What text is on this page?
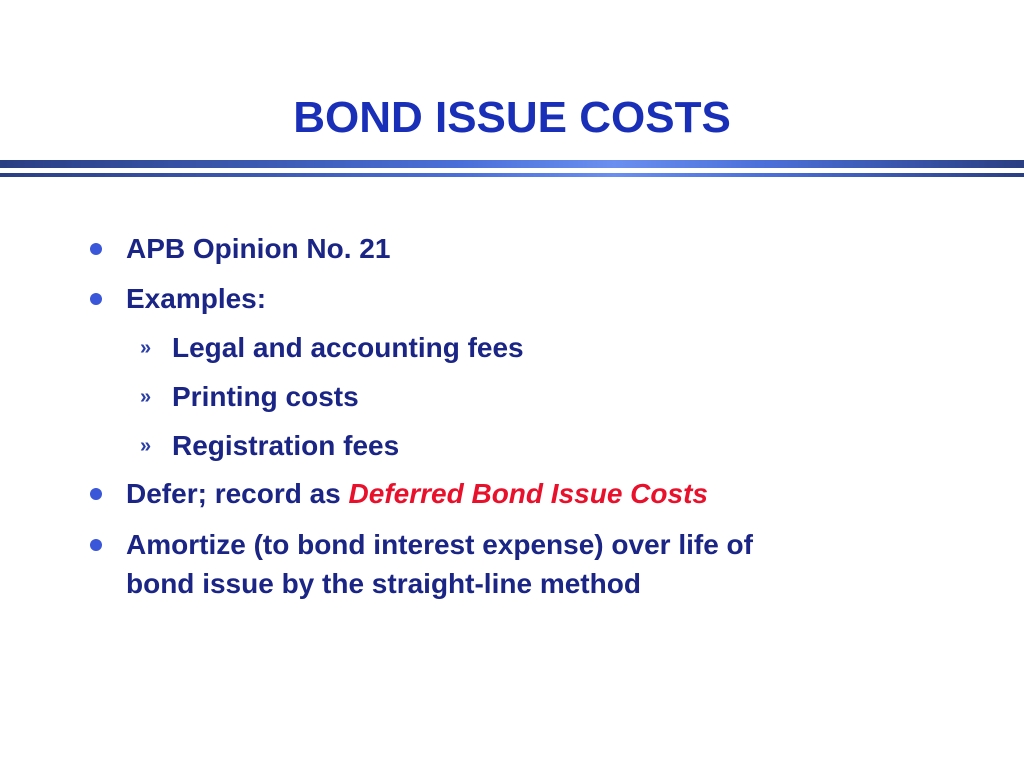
BOND ISSUE COSTS
APB Opinion No. 21
Examples:
» Legal and accounting fees
» Printing costs
» Registration fees
Defer; record as Deferred Bond Issue Costs
Amortize (to bond interest expense) over life of
bond issue by the straight-line method
